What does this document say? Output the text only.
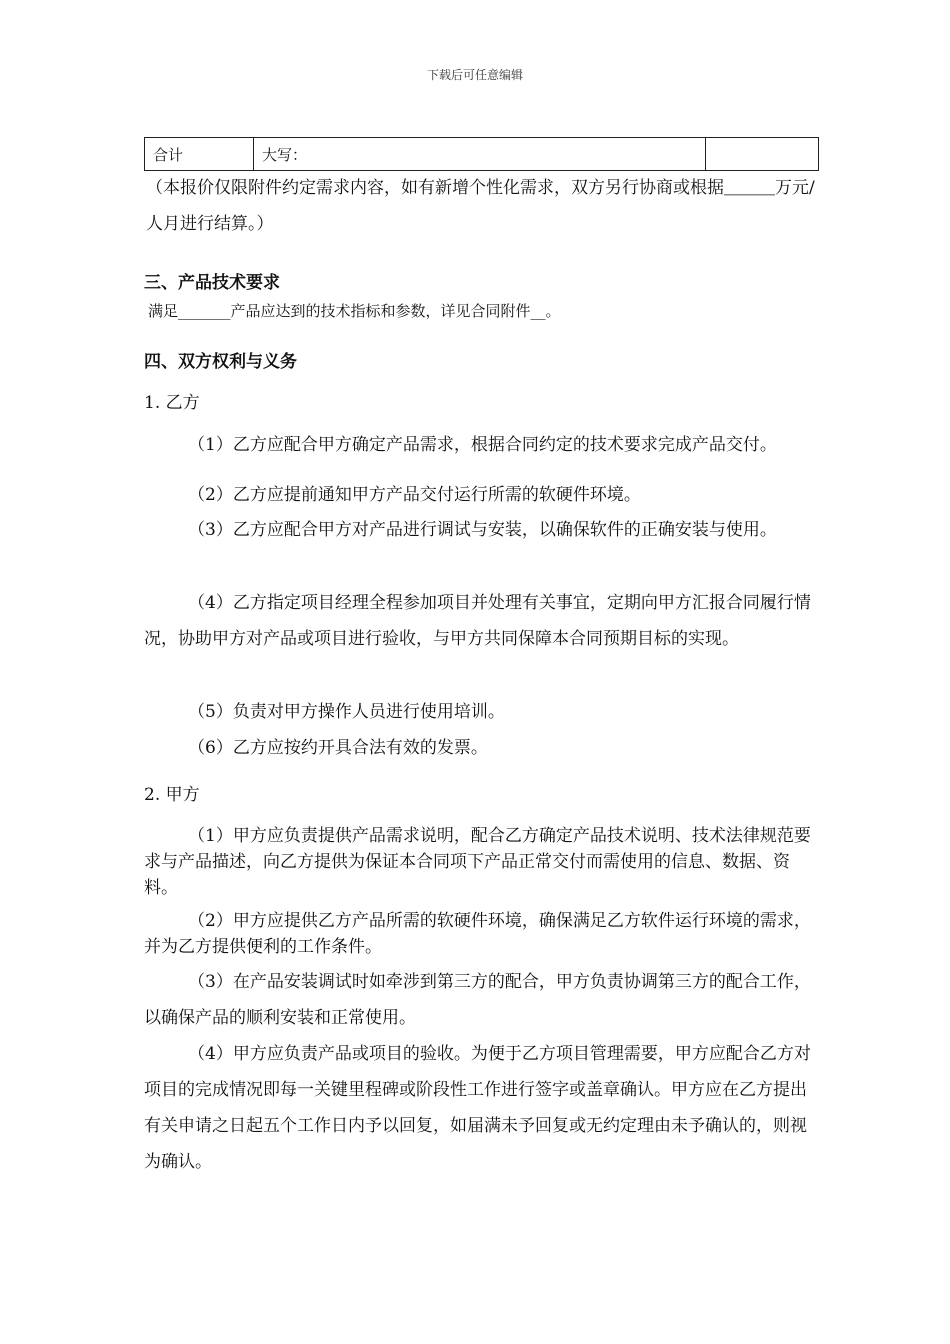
下载后可任意编辑
合计	大写：	
（本报价仅限附件约定需求内容，如有新增个性化需求，双方另行协商或根据＿＿＿万元/人月进行结算。）
三、产品技术要求
满足_______产品应达到的技术指标和参数，详见合同附件__。
四、双方权利与义务
1. 乙方
（1）乙方应配合甲方确定产品需求，根据合同约定的技术要求完成产品交付。
（2）乙方应提前通知甲方产品交付运行所需的软硬件环境。
（3）乙方应配合甲方对产品进行调试与安装，以确保软件的正确安装与使用。
（4）乙方指定项目经理全程参加项目并处理有关事宜，定期向甲方汇报合同履行情况，协助甲方对产品或项目进行验收，与甲方共同保障本合同预期目标的实现。
（5）负责对甲方操作人员进行使用培训。
（6）乙方应按约开具合法有效的发票。
2. 甲方
（1）甲方应负责提供产品需求说明，配合乙方确定产品技术说明、技术法律规范要求与产品描述，向乙方提供为保证本合同项下产品正常交付而需使用的信息、数据、资料。
（2）甲方应提供乙方产品所需的软硬件环境，确保满足乙方软件运行环境的需求，并为乙方提供便利的工作条件。
（3）在产品安装调试时如牵涉到第三方的配合，甲方负责协调第三方的配合工作，以确保产品的顺利安装和正常使用。
（4）甲方应负责产品或项目的验收。为便于乙方项目管理需要，甲方应配合乙方对项目的完成情况即每一关键里程碑或阶段性工作进行签字或盖章确认。甲方应在乙方提出有关申请之日起五个工作日内予以回复，如届满未予回复或无约定理由未予确认的，则视为确认。
